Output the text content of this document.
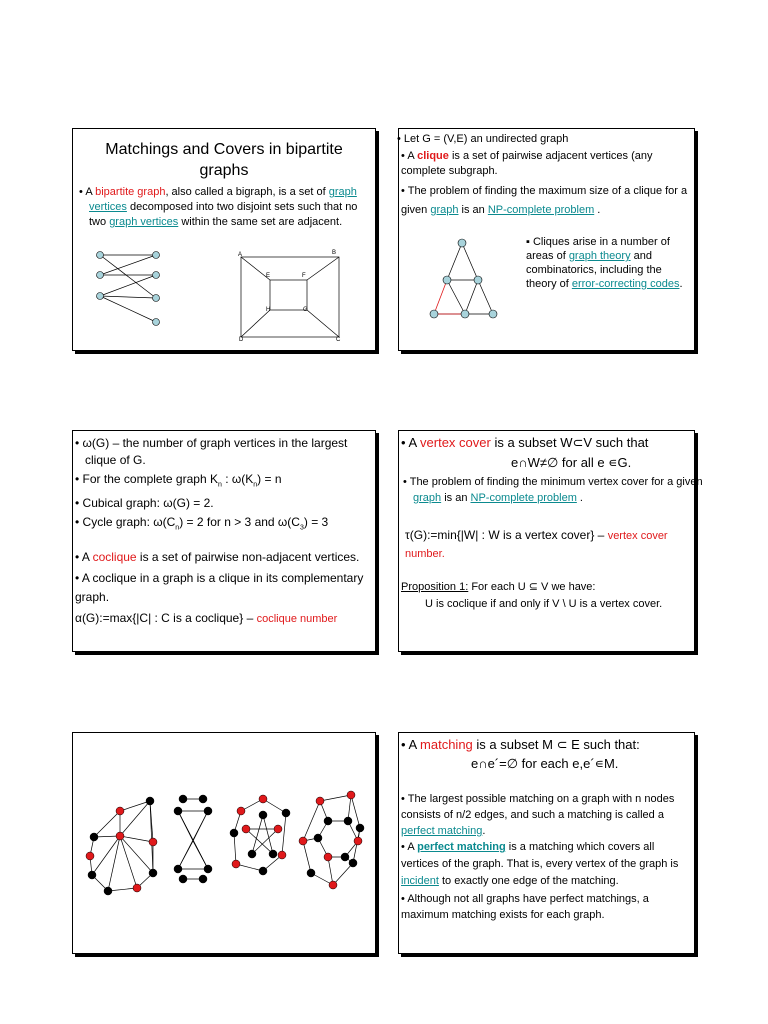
Matchings and Covers in bipartite graphs

• A bipartite graph, also called a bigraph, is a set of graph vertices decomposed into two disjoint sets such that no two graph vertices within the same set are adjacent.

A	B
E	F
H	G
D	C

• Let G = (V,E) an undirected graph

• A clique is a set of pairwise adjacent vertices (any complete subgraph.

• The problem of finding the maximum size of a clique for a given graph is an NP-complete problem .

▪ Cliques arise in a number of areas of graph theory and combinatorics, including the theory of error-correcting codes.

• ω(G) – the number of graph vertices in the largest clique of G.

• For the complete graph $K_n$ : $\omega(K_n) = n$

• Cubical graph: ω(G) = 2.

• Cycle graph: $\omega(C_n) = 2$ for n > 3 and $\omega(C_3) = 3$

• A coclique is a set of pairwise non-adjacent vertices.

• A coclique in a graph is a clique in its complementary graph.

α(G):=max{|C| : C is a coclique} – coclique number

• A vertex cover is a subset W⊂V such that

e∩W≠∅ for all e ∊G.

• The problem of finding the minimum vertex cover for a given graph is an NP-complete problem .

τ(G):=min{|W| : W is a vertex cover} – vertex cover number.

Proposition 1: For each U ⊆ V we have:

U is coclique if and only if V \ U is a vertex cover.

• A matching is a subset M ⊂ E such that:

e∩e´=∅ for each e,e´∊M.

• The largest possible matching on a graph with n nodes consists of n/2 edges, and such a matching is called a perfect matching.

• A perfect matching is a matching which covers all vertices of the graph. That is, every vertex of the graph is incident to exactly one edge of the matching.

• Although not all graphs have perfect matchings, a maximum matching exists for each graph.
